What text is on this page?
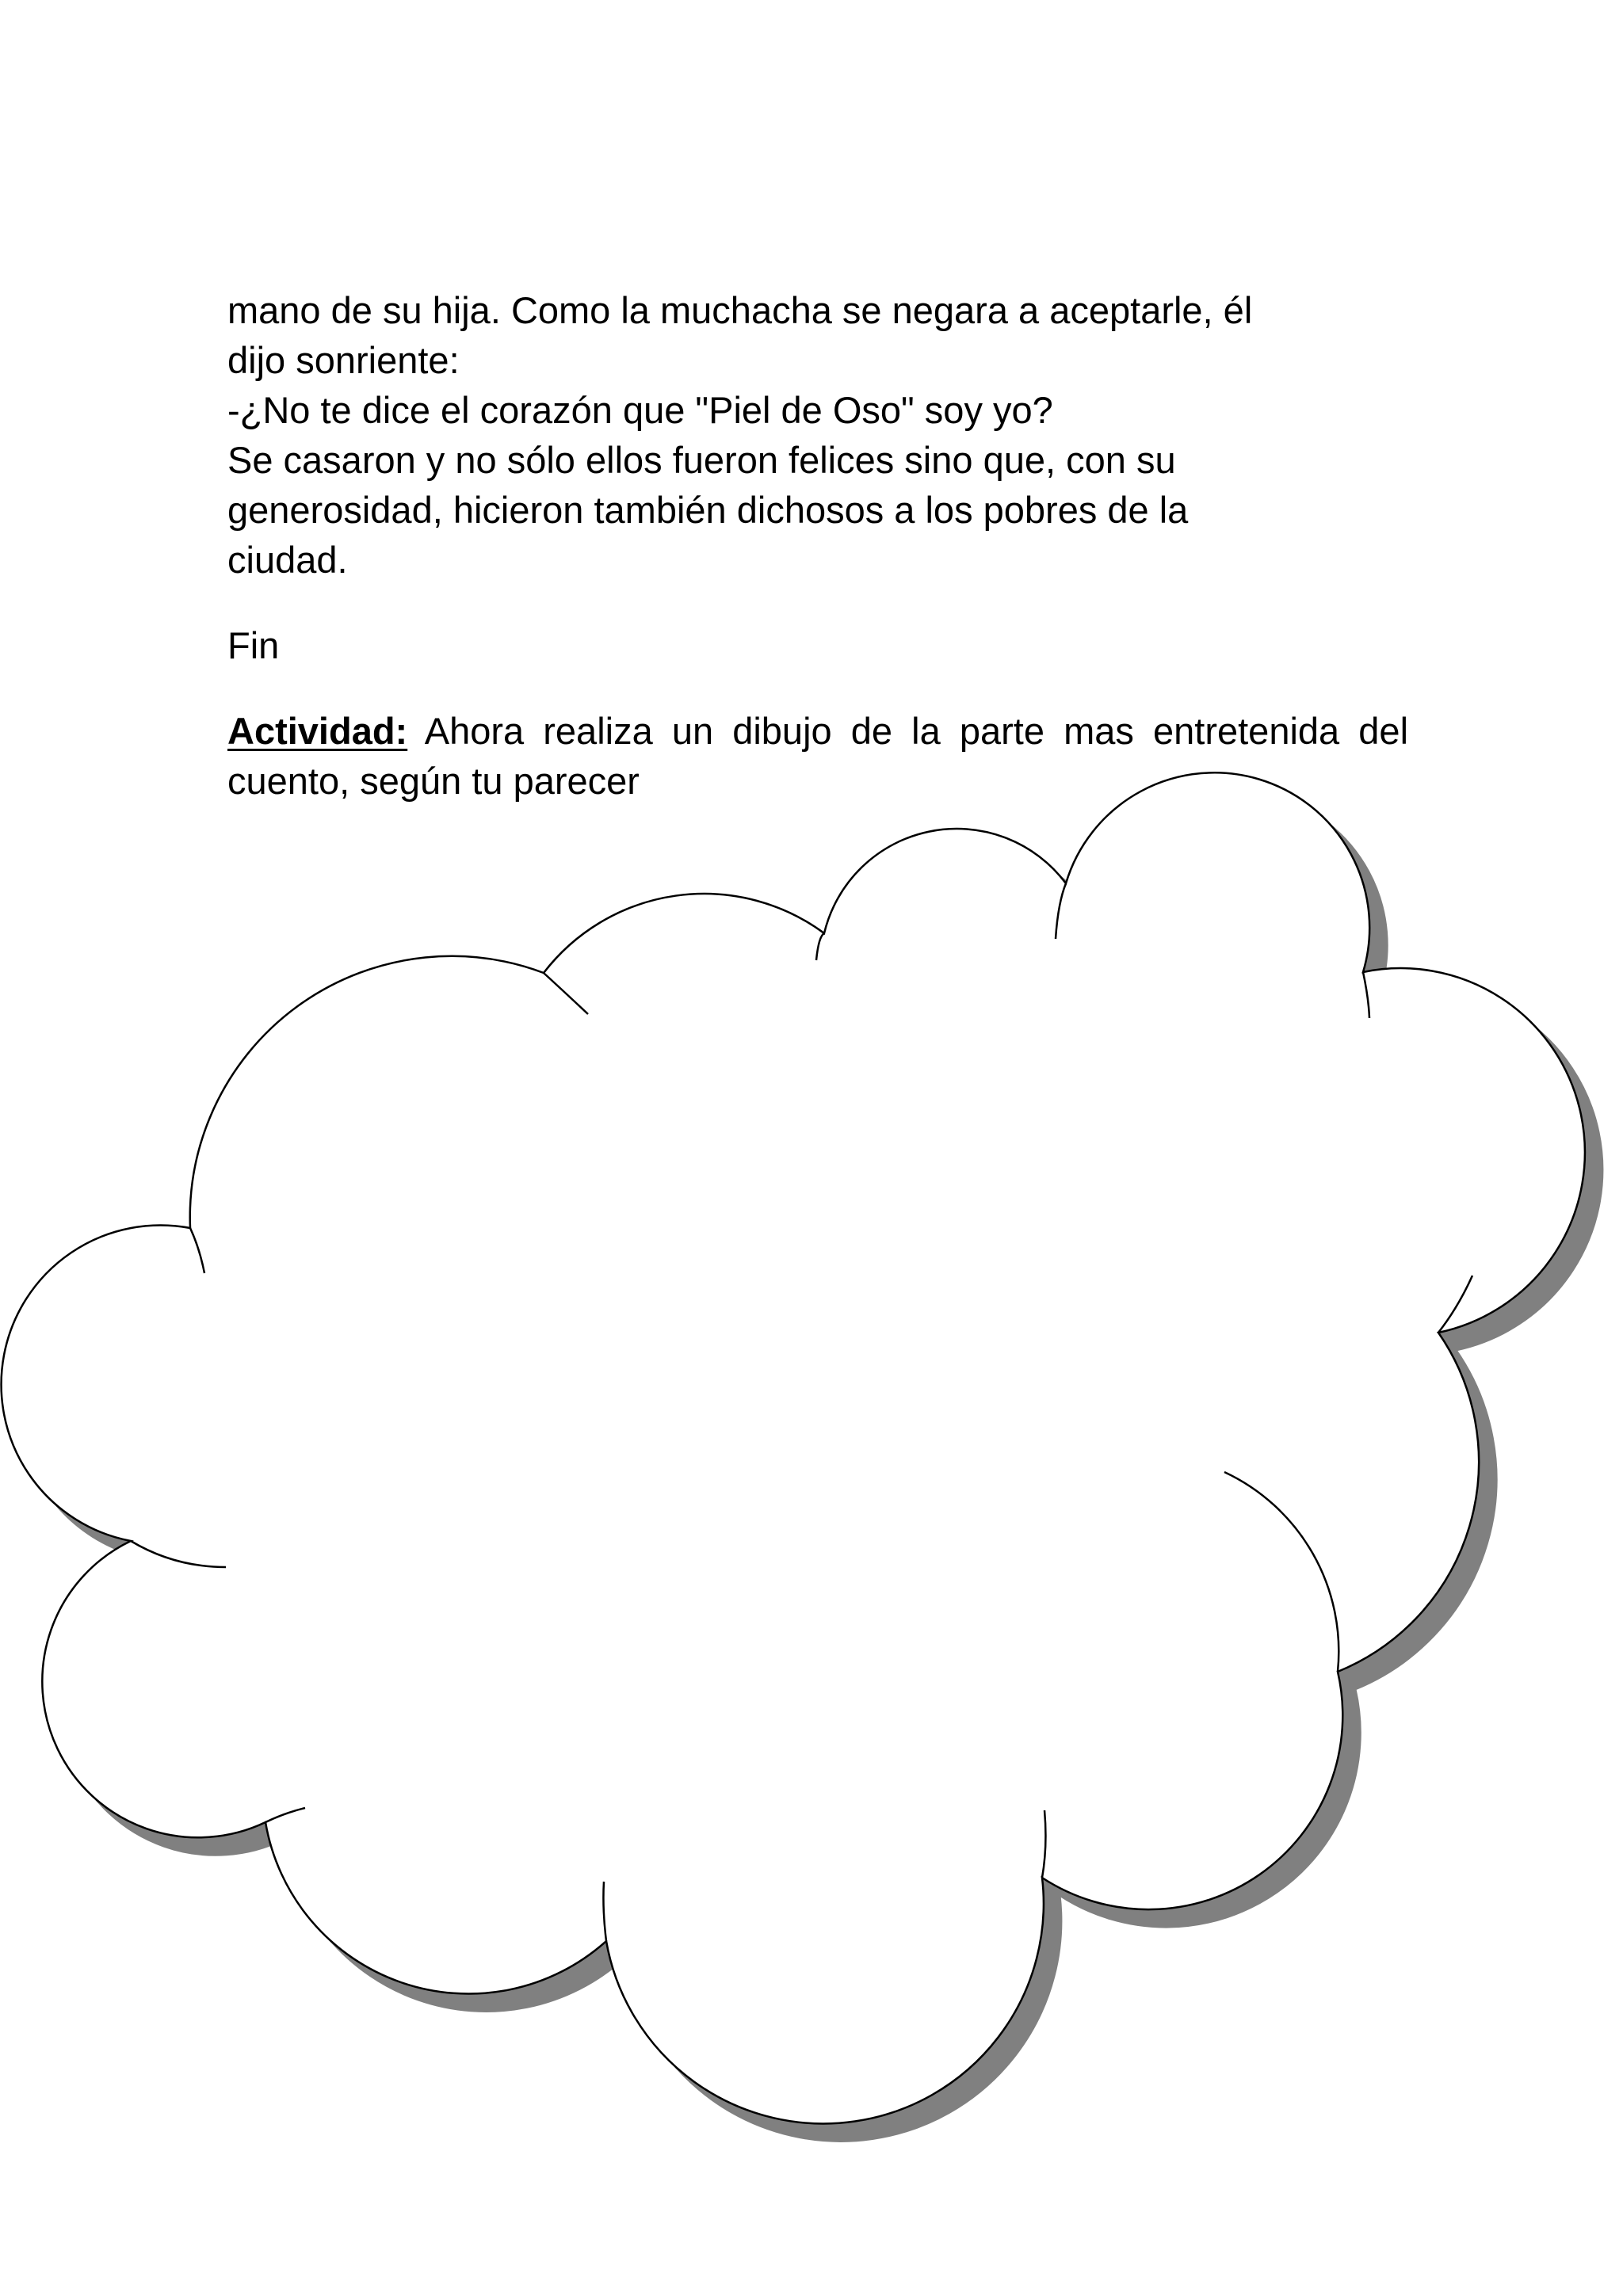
mano de su hija. Como la muchacha se negara a aceptarle, él

dijo sonriente:

-¿No te dice el corazón que "Piel de Oso" soy yo?

Se casaron y no sólo ellos fueron felices sino que, con su

generosidad, hicieron también dichosos a los pobres de la

ciudad.

Fin

Actividad: Ahora realiza un dibujo de la parte mas entretenida del cuento, según tu parecer
